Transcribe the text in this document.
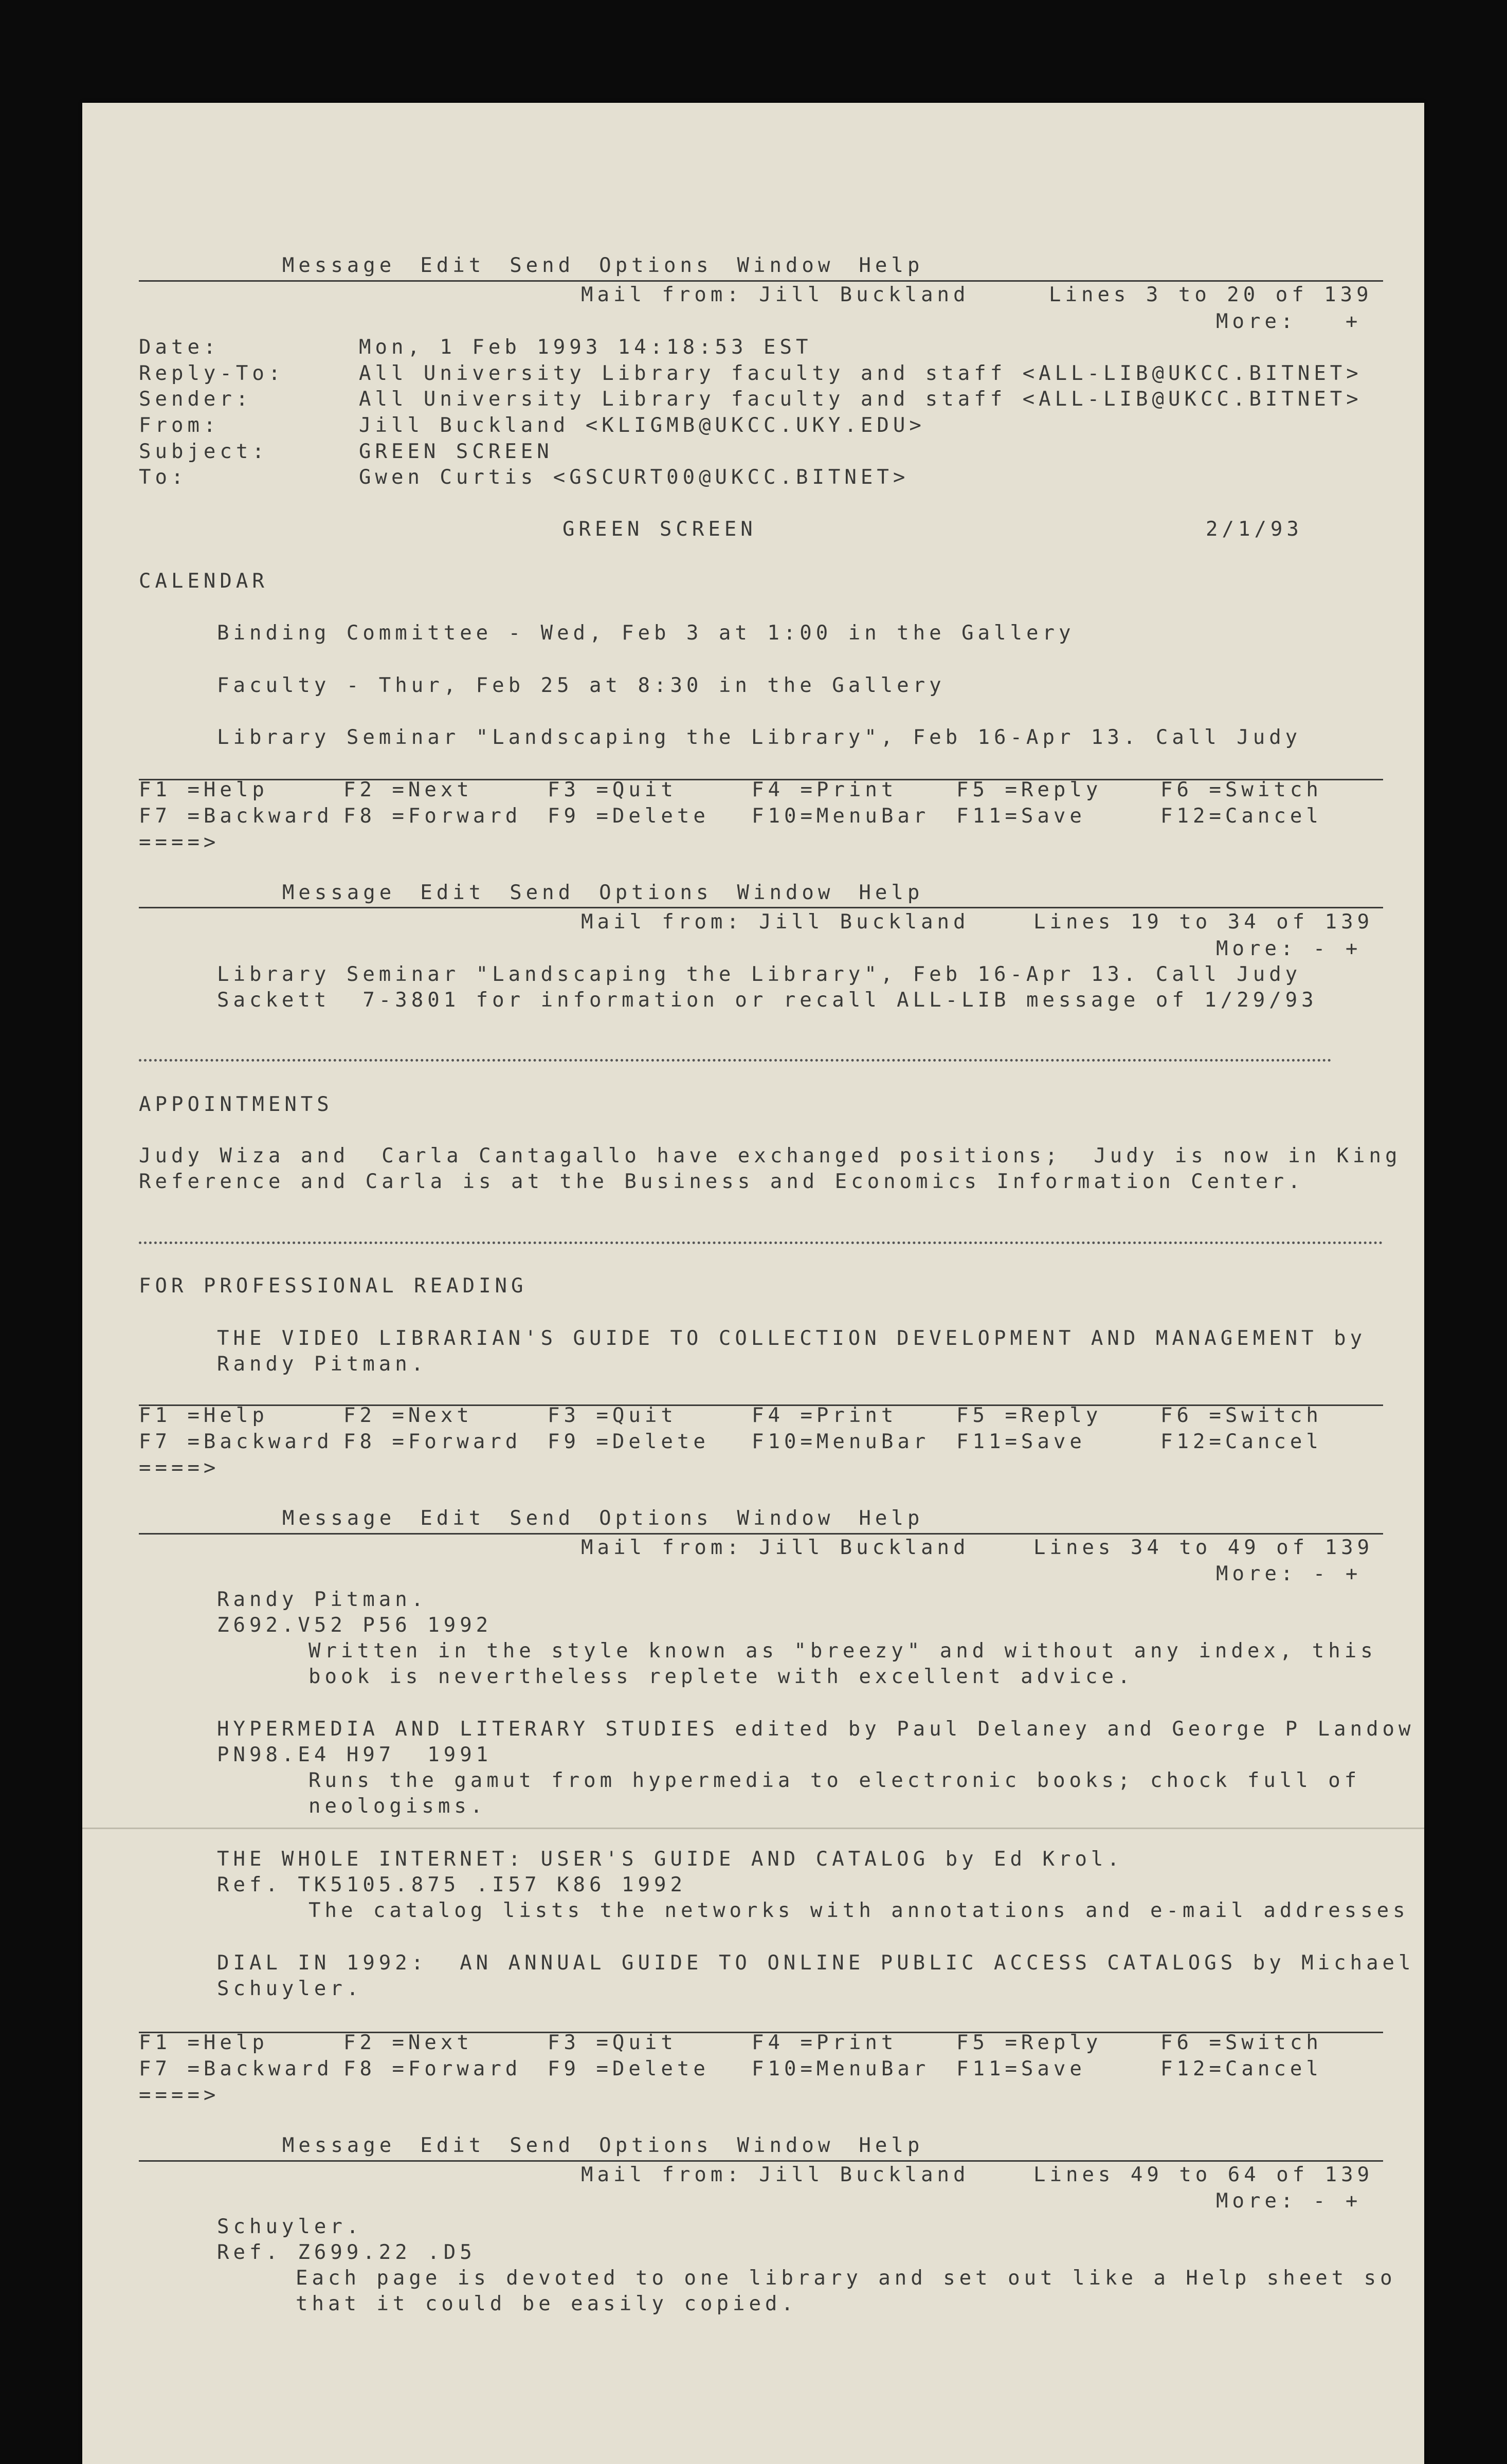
Message Edit Send Options Window Help

Mail from: Jill Buckland	Lines 3 to 20 of 139
More:   +
Date:	Mon, 1 Feb 1993 14:18:53 EST
Reply-To:	All University Library faculty and staff <ALL-LIB@UKCC.BITNET>
Sender:	All University Library faculty and staff <ALL-LIB@UKCC.BITNET>
From:	Jill Buckland <KLIGMB@UKCC.UKY.EDU>
Subject:	GREEN SCREEN
To:	Gwen Curtis <GSCURT00@UKCC.BITNET>
GREEN SCREEN	2/1/93
CALENDAR
Binding Committee - Wed, Feb 3 at 1:00 in the Gallery
Faculty - Thur, Feb 25 at 8:30 in the Gallery
Library Seminar "Landscaping the Library", Feb 16-Apr 13. Call Judy
F1 =Help	F2 =Next	F3 =Quit	F4 =Print	F5 =Reply	F6 =Switch
F7 =Backward F8 =Forward F9 =Delete F10=MenuBar F11=Save	F12=Cancel
====>

Message Edit Send Options Window Help

Mail from: Jill Buckland	Lines 19 to 34 of 139
More: - +
Library Seminar "Landscaping the Library", Feb 16-Apr 13. Call Judy
Sackett  7-3801 for information or recall ALL-LIB message of 1/29/93
APPOINTMENTS
Judy Wiza and  Carla Cantagallo have exchanged positions;  Judy is now in King
Reference and Carla is at the Business and Economics Information Center.
FOR PROFESSIONAL READING
THE VIDEO LIBRARIAN'S GUIDE TO COLLECTION DEVELOPMENT AND MANAGEMENT by
Randy Pitman.
F1 =Help	F2 =Next	F3 =Quit	F4 =Print	F5 =Reply	F6 =Switch
F7 =Backward F8 =Forward F9 =Delete F10=MenuBar F11=Save	F12=Cancel
====>

Message Edit Send Options Window Help

Mail from: Jill Buckland	Lines 34 to 49 of 139
More: - +
Randy Pitman.
Z692.V52 P56 1992
Written in the style known as "breezy" and without any index, this
book is nevertheless replete with excellent advice.
HYPERMEDIA AND LITERARY STUDIES edited by Paul Delaney and George P Landow
PN98.E4 H97  1991
Runs the gamut from hypermedia to electronic books; chock full of
neologisms.
THE WHOLE INTERNET: USER'S GUIDE AND CATALOG by Ed Krol.
Ref. TK5105.875 .I57 K86 1992
The catalog lists the networks with annotations and e-mail addresses
DIAL IN 1992:  AN ANNUAL GUIDE TO ONLINE PUBLIC ACCESS CATALOGS by Michael
Schuyler.
F1 =Help	F2 =Next	F3 =Quit	F4 =Print	F5 =Reply	F6 =Switch
F7 =Backward F8 =Forward F9 =Delete F10=MenuBar F11=Save	F12=Cancel
====>

Message Edit Send Options Window Help

Mail from: Jill Buckland	Lines 49 to 64 of 139
More: - +
Schuyler.
Ref. Z699.22 .D5
Each page is devoted to one library and set out like a Help sheet so
that it could be easily copied.
